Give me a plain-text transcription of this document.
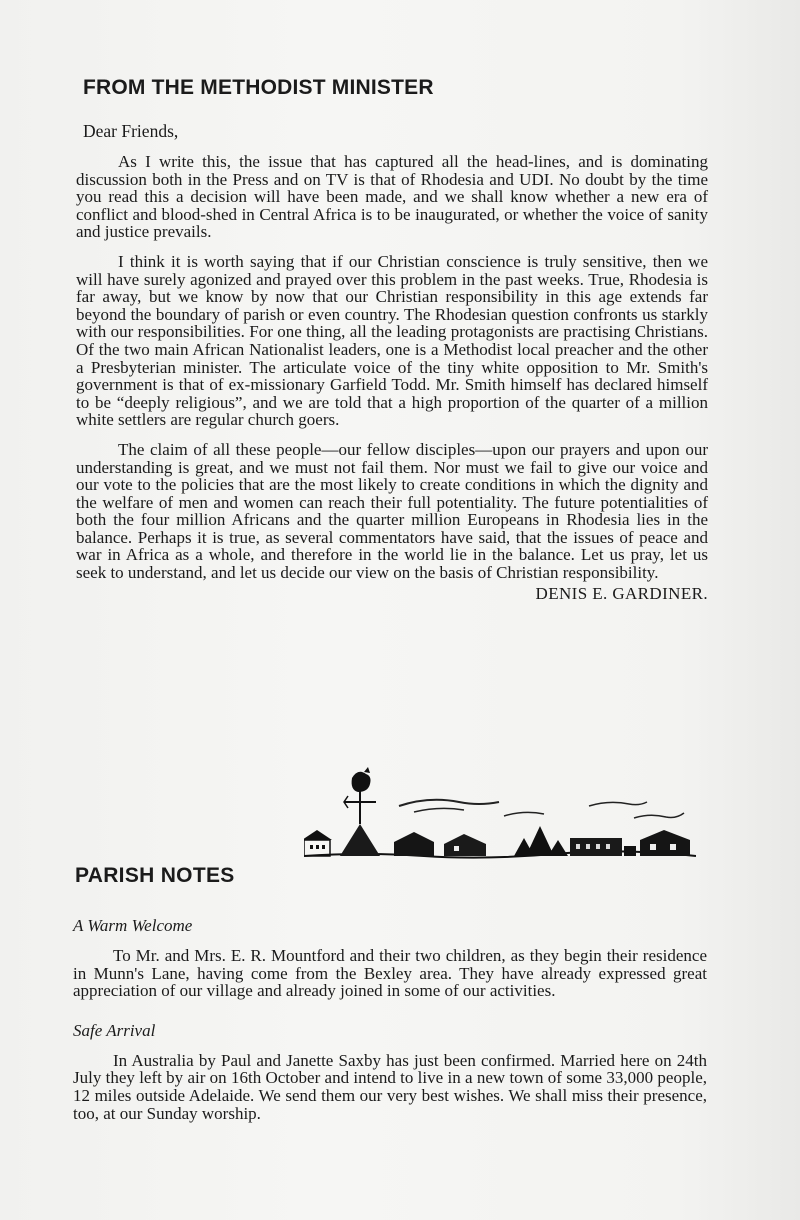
FROM THE METHODIST MINISTER
Dear Friends,

As I write this, the issue that has captured all the head-lines, and is dominating discussion both in the Press and on TV is that of Rhodesia and UDI. No doubt by the time you read this a decision will have been made, and we shall know whether a new era of conflict and blood-shed in Central Africa is to be inaugurated, or whether the voice of sanity and justice prevails.

I think it is worth saying that if our Christian conscience is truly sensitive, then we will have surely agonized and prayed over this problem in the past weeks. True, Rhodesia is far away, but we know by now that our Christian responsibility in this age extends far beyond the boundary of parish or even country. The Rhodesian question confronts us starkly with our responsibilities. For one thing, all the leading protagonists are practising Christians. Of the two main African Nationalist leaders, one is a Methodist local preacher and the other a Presbyterian minister. The articulate voice of the tiny white opposition to Mr. Smith's government is that of ex-missionary Garfield Todd. Mr. Smith himself has declared himself to be “deeply religious”, and we are told that a high proportion of the quarter of a million white settlers are regular church goers.

The claim of all these people—our fellow disciples—upon our prayers and upon our understanding is great, and we must not fail them. Nor must we fail to give our voice and our vote to the policies that are the most likely to create conditions in which the dignity and the welfare of men and women can reach their full potentiality. The future potentialities of both the four million Africans and the quarter million Europeans in Rhodesia lies in the balance. Perhaps it is true, as several commentators have said, that the issues of peace and war in Africa as a whole, and therefore in the world lie in the balance. Let us pray, let us seek to understand, and let us decide our view on the basis of Christian responsibility.

DENIS E. GARDINER.
PARISH NOTES
A Warm Welcome

To Mr. and Mrs. E. R. Mountford and their two children, as they begin their residence in Munn's Lane, having come from the Bexley area. They have already expressed great appreciation of our village and already joined in some of our activities.

Safe Arrival

In Australia by Paul and Janette Saxby has just been confirmed. Married here on 24th July they left by air on 16th October and intend to live in a new town of some 33,000 people, 12 miles outside Adelaide. We send them our very best wishes. We shall miss their presence, too, at our Sunday worship.
